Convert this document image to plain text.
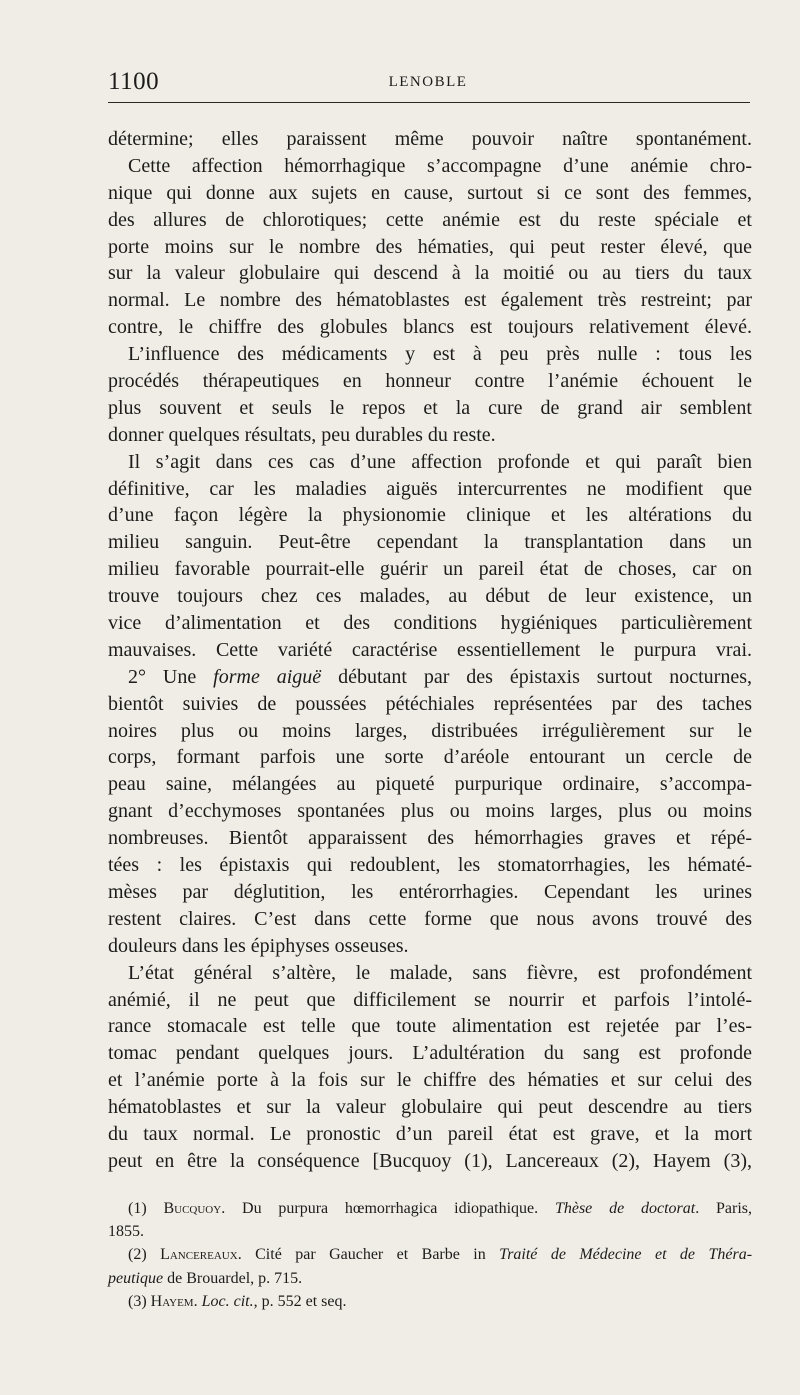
1100	LENOBLE
détermine; elles paraissent même pouvoir naître spontanément.
Cette affection hémorrhagique s’accompagne d’une anémie chro-
nique qui donne aux sujets en cause, surtout si ce sont des femmes,
des allures de chlorotiques; cette anémie est du reste spéciale et
porte moins sur le nombre des hématies, qui peut rester élevé, que
sur la valeur globulaire qui descend à la moitié ou au tiers du taux
normal. Le nombre des hématoblastes est également très restreint; par
contre, le chiffre des globules blancs est toujours relativement élevé.
L’influence des médicaments y est à peu près nulle : tous les
procédés thérapeutiques en honneur contre l’anémie échouent le
plus souvent et seuls le repos et la cure de grand air semblent
donner quelques résultats, peu durables du reste.
Il s’agit dans ces cas d’une affection profonde et qui paraît bien
définitive, car les maladies aiguës intercurrentes ne modifient que
d’une façon légère la physionomie clinique et les altérations du
milieu sanguin. Peut-être cependant la transplantation dans un
milieu favorable pourrait-elle guérir un pareil état de choses, car on
trouve toujours chez ces malades, au début de leur existence, un
vice d’alimentation et des conditions hygiéniques particulièrement
mauvaises. Cette variété caractérise essentiellement le purpura vrai.
2° Une forme aiguë débutant par des épistaxis surtout nocturnes,
bientôt suivies de poussées pétéchiales représentées par des taches
noires plus ou moins larges, distribuées irrégulièrement sur le
corps, formant parfois une sorte d’aréole entourant un cercle de
peau saine, mélangées au piqueté purpurique ordinaire, s’accompa-
gnant d’ecchymoses spontanées plus ou moins larges, plus ou moins
nombreuses. Bientôt apparaissent des hémorrhagies graves et répé-
tées : les épistaxis qui redoublent, les stomatorrhagies, les hématé-
mèses par déglutition, les entérorrhagies. Cependant les urines
restent claires. C’est dans cette forme que nous avons trouvé des
douleurs dans les épiphyses osseuses.
L’état général s’altère, le malade, sans fièvre, est profondément
anémié, il ne peut que difficilement se nourrir et parfois l’intolé-
rance stomacale est telle que toute alimentation est rejetée par l’es-
tomac pendant quelques jours. L’adultération du sang est profonde
et l’anémie porte à la fois sur le chiffre des hématies et sur celui des
hématoblastes et sur la valeur globulaire qui peut descendre au tiers
du taux normal. Le pronostic d’un pareil état est grave, et la mort
peut en être la conséquence [Bucquoy (1), Lancereaux (2), Hayem (3),
(1) Bucquoy. Du purpura hœmorrhagica idiopathique. Thèse de doctorat. Paris,
1855.
(2) Lancereaux. Cité par Gaucher et Barbe in Traité de Médecine et de Théra-
peutique de Brouardel, p. 715.
(3) Hayem. Loc. cit., p. 552 et seq.
